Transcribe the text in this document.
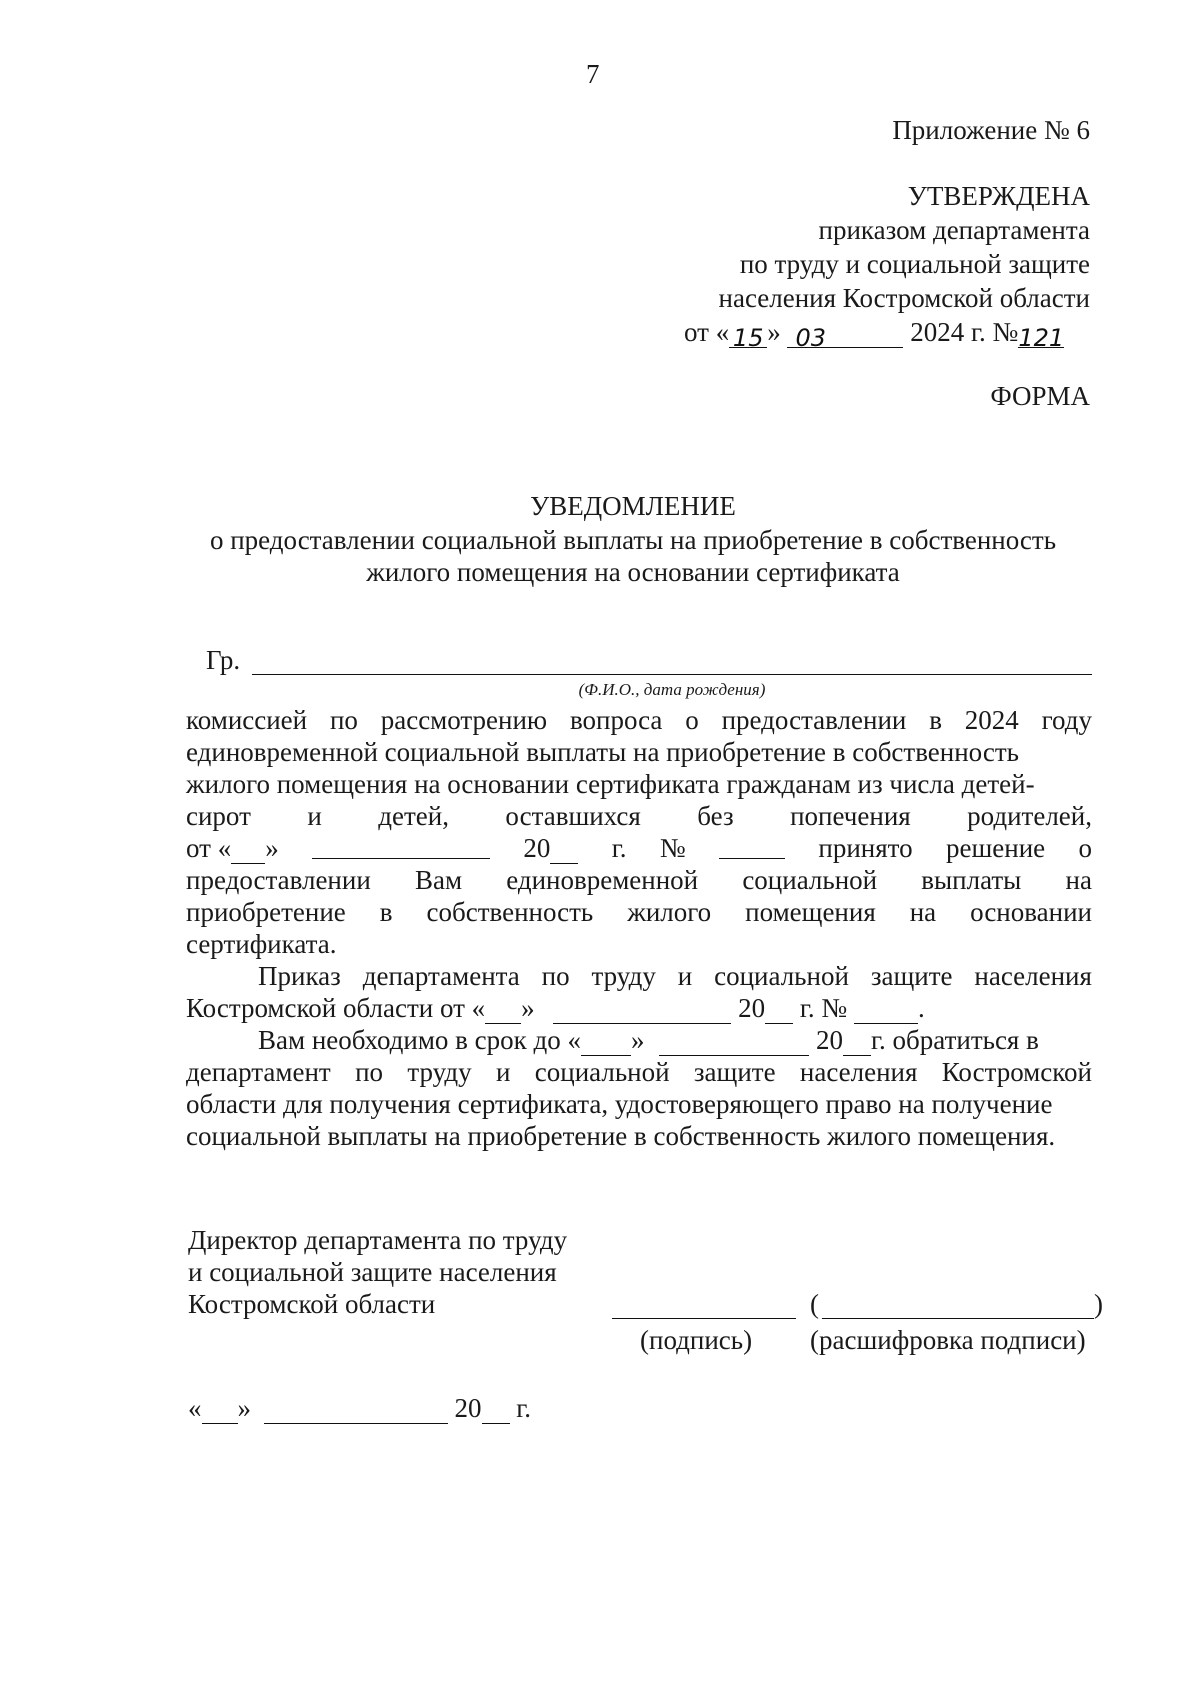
7
Приложение № 6
УТВЕРЖДЕНА
приказом департамента
по труду и социальной защите
населения Костромской области
от « 15 » 03	2024 г. №121
ФОРМА
УВЕДОМЛЕНИЕ
о предоставлении социальной выплаты на приобретение в собственность
жилого помещения на основании сертификата
Гр.
(Ф.И.О., дата рождения)
комиссией по рассмотрению вопроса о предоставлении в 2024 году
единовременной социальной выплаты на приобретение в собственность
жилого помещения на основании сертификата гражданам из числа детей-
сирот и детей, оставшихся без попечения родителей,
от « »	20	г. №	принято решение о
предоставлении Вам единовременной социальной выплаты на
приобретение в собственность жилого помещения на основании
сертификата.
Приказ департамента по труду и социальной защите населения
Костромской области от « »	20 г. №	.
Вам необходимо в срок до « »	20 г. обратиться в
департамент по труду и социальной защите населения Костромской
области для получения сертификата, удостоверяющего право на получение
социальной выплаты на приобретение в собственность жилого помещения.
Директор департамента по труду
и социальной защите населения
Костромской области	(	)
(подпись) (расшифровка подписи)
« »	20 г.
